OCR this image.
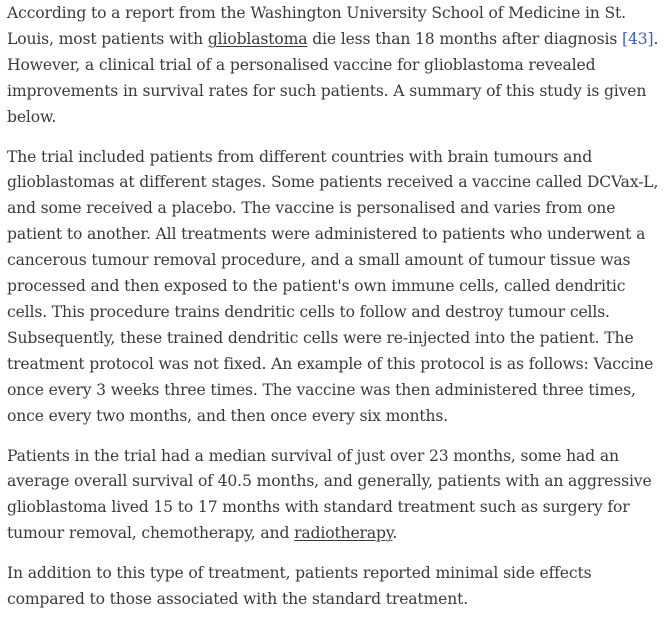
According to a report from the Washington University School of Medicine in St. Louis, most patients with glioblastoma die less than 18 months after diagnosis [43]. However, a clinical trial of a personalised vaccine for glioblastoma revealed improvements in survival rates for such patients. A summary of this study is given below.

The trial included patients from different countries with brain tumours and glioblastomas at different stages. Some patients received a vaccine called DCVax-L, and some received a placebo. The vaccine is personalised and varies from one patient to another. All treatments were administered to patients who underwent a cancerous tumour removal procedure, and a small amount of tumour tissue was processed and then exposed to the patient's own immune cells, called dendritic cells. This procedure trains dendritic cells to follow and destroy tumour cells. Subsequently, these trained dendritic cells were re-injected into the patient. The treatment protocol was not fixed. An example of this protocol is as follows: Vaccine once every 3 weeks three times. The vaccine was then administered three times, once every two months, and then once every six months.

Patients in the trial had a median survival of just over 23 months, some had an average overall survival of 40.5 months, and generally, patients with an aggressive glioblastoma lived 15 to 17 months with standard treatment such as surgery for tumour removal, chemotherapy, and radiotherapy.

In addition to this type of treatment, patients reported minimal side effects compared to those associated with the standard treatment.
